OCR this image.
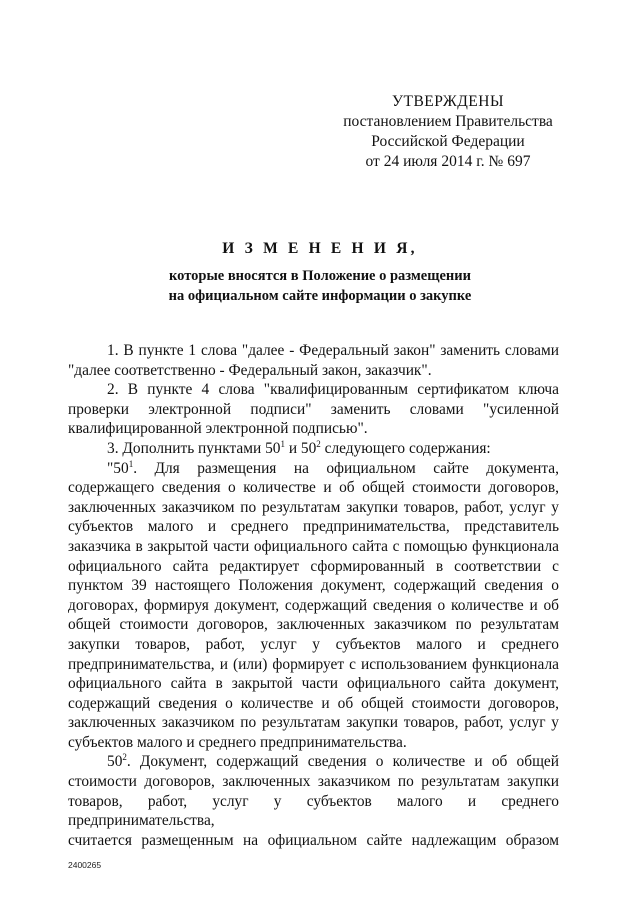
УТВЕРЖДЕНЫ
постановлением Правительства
Российской Федерации
от 24 июля 2014 г. № 697
И З М Е Н Е Н И Я,
которые вносятся в Положение о размещении
на официальном сайте информации о закупке

1. В пункте 1 слова "далее - Федеральный закон" заменить словами

"далее соответственно - Федеральный закон, заказчик".

2. В пункте 4 слова "квалифицированным сертификатом ключа

проверки электронной подписи" заменить словами "усиленной

квалифицированной электронной подписью".

3. Дополнить пунктами $50^1$ и $50^2$ следующего содержания:

"$50^1$. Для размещения на официальном сайте документа,

содержащего сведения о количестве и об общей стоимости договоров,

заключенных заказчиком по результатам закупки товаров, работ, услуг у

субъектов малого и среднего предпринимательства, представитель

заказчика в закрытой части официального сайта с помощью функционала

официального сайта редактирует сформированный в соответствии с

пунктом 39 настоящего Положения документ, содержащий сведения о

договорах, формируя документ, содержащий сведения о количестве и об

общей стоимости договоров, заключенных заказчиком по результатам

закупки товаров, работ, услуг у субъектов малого и среднего

предпринимательства, и (или) формирует с использованием функционала

официального сайта в закрытой части официального сайта документ,

содержащий сведения о количестве и об общей стоимости договоров,

заключенных заказчиком по результатам закупки товаров, работ, услуг у

субъектов малого и среднего предпринимательства.

$50^2$. Документ, содержащий сведения о количестве и об общей

стоимости договоров, заключенных заказчиком по результатам закупки

товаров, работ, услуг у субъектов малого и среднего предпринимательства,

считается размещенным на официальном сайте надлежащим образом

2400265
